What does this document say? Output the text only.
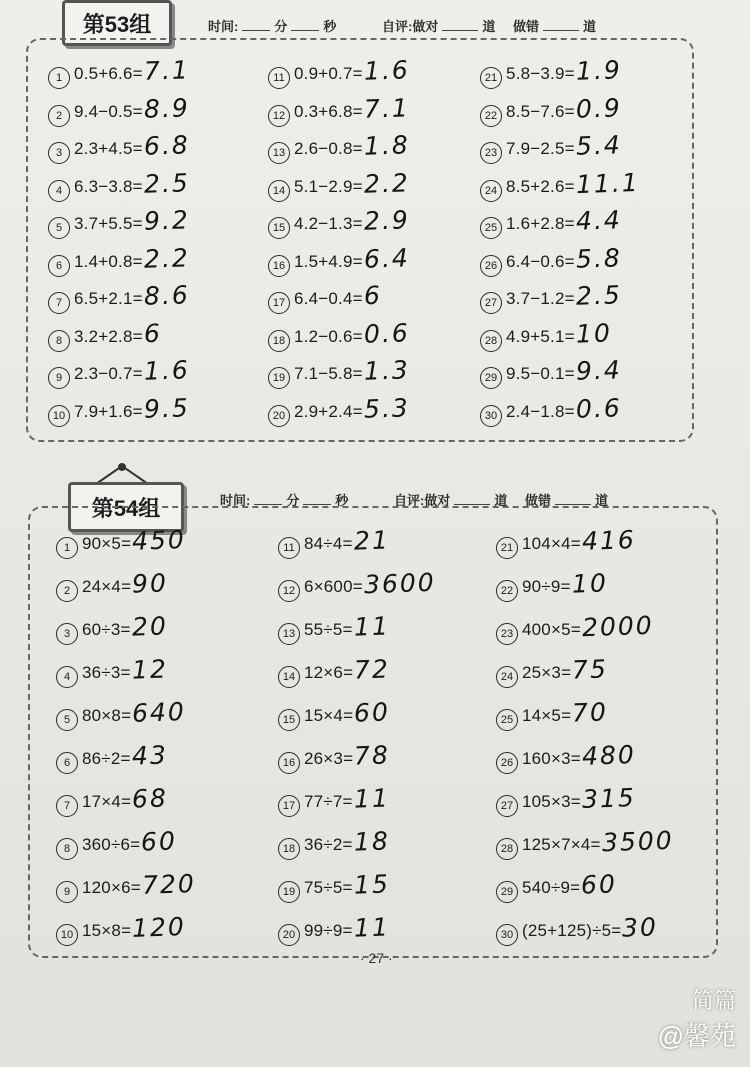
第53组	时间:	分	秒	自评:做对	道 做错	道
1 0.5+6.6= 7.1
2 9.4−0.5= 8.9
3 2.3+4.5= 6.8
4 6.3−3.8= 2.5
5 3.7+5.5= 9.2
6 1.4+0.8= 2.2
7 6.5+2.1= 8.6
8 3.2+2.8= 6
9 2.3−0.7= 1.6
10 7.9+1.6= 9.5
11 0.9+0.7= 1.6
12 0.3+6.8= 7.1
13 2.6−0.8= 1.8
14 5.1−2.9= 2.2
15 4.2−1.3= 2.9
16 1.5+4.9= 6.4
17 6.4−0.4= 6
18 1.2−0.6= 0.6
19 7.1−5.8= 1.3
20 2.9+2.4= 5.3
21 5.8−3.9= 1.9
22 8.5−7.6= 0.9
23 7.9−2.5= 5.4
24 8.5+2.6= 11.1
25 1.6+2.8= 4.4
26 6.4−0.6= 5.8
27 3.7−1.2= 2.5
28 4.9+5.1= 10
29 9.5−0.1= 9.4
30 2.4−1.8= 0.6
第54组	时间:	分	秒	自评:做对	道 做错	道
1 90×5= 450
2 24×4= 90
3 60÷3= 20
4 36÷3= 12
5 80×8= 640
6 86÷2= 43
7 17×4= 68
8 360÷6= 60
9 120×6= 720
10 15×8= 120
11 84÷4= 21
12 6×600= 3600
13 55÷5= 11
14 12×6= 72
15 15×4= 60
16 26×3= 78
17 77÷7= 11
18 36÷2= 18
19 75÷5= 15
20 99÷9= 11
21 104×4= 416
22 90÷9= 10
23 400×5= 2000
24 25×3= 75
25 14×5= 70
26 160×3= 480
27 105×3= 315
28 125×7×4= 3500
29 540÷9= 60
30 (25+125)÷5= 30
· 27 ·
简篇
@馨苑
